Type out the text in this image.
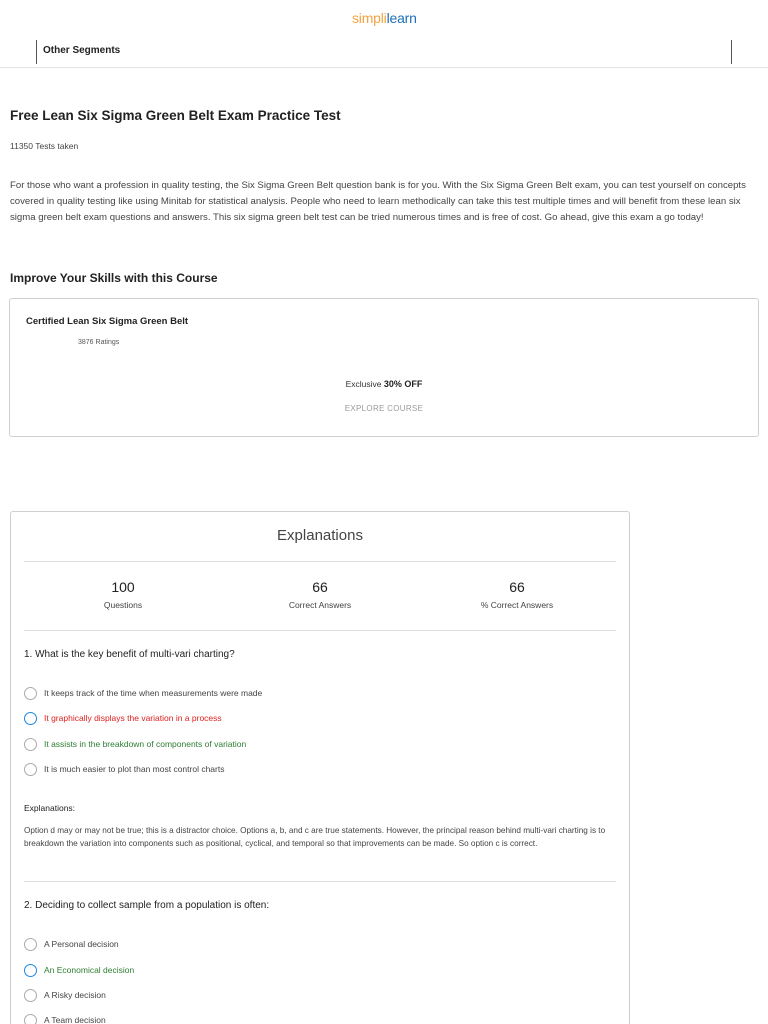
simplilearn
Other Segments
Free Lean Six Sigma Green Belt Exam Practice Test
11350 Tests taken
For those who want a profession in quality testing, the Six Sigma Green Belt question bank is for you. With the Six Sigma Green Belt exam, you can test yourself on concepts covered in quality testing like using Minitab for statistical analysis. People who need to learn methodically can take this test multiple times and will benefit from these lean six sigma green belt exam questions and answers. This six sigma green belt test can be tried numerous times and is free of cost. Go ahead, give this exam a go today!
Improve Your Skills with this Course
Certified Lean Six Sigma Green Belt
3876 Ratings
Exclusive 30% OFF
EXPLORE COURSE
Explanations
100
Questions
66
Correct Answers
66
% Correct Answers
1. What is the key benefit of multi-vari charting?
It keeps track of the time when measurements were made
It graphically displays the variation in a process
It assists in the breakdown of components of variation
It is much easier to plot than most control charts
Explanations:
Option d may or may not be true; this is a distractor choice. Options a, b, and c are true statements. However, the principal reason behind multi-vari charting is to breakdown the variation into components such as positional, cyclical, and temporal so that improvements can be made. So option c is correct.
2. Deciding to collect sample from a population is often:
A Personal decision
An Economical decision
A Risky decision
A Team decision
